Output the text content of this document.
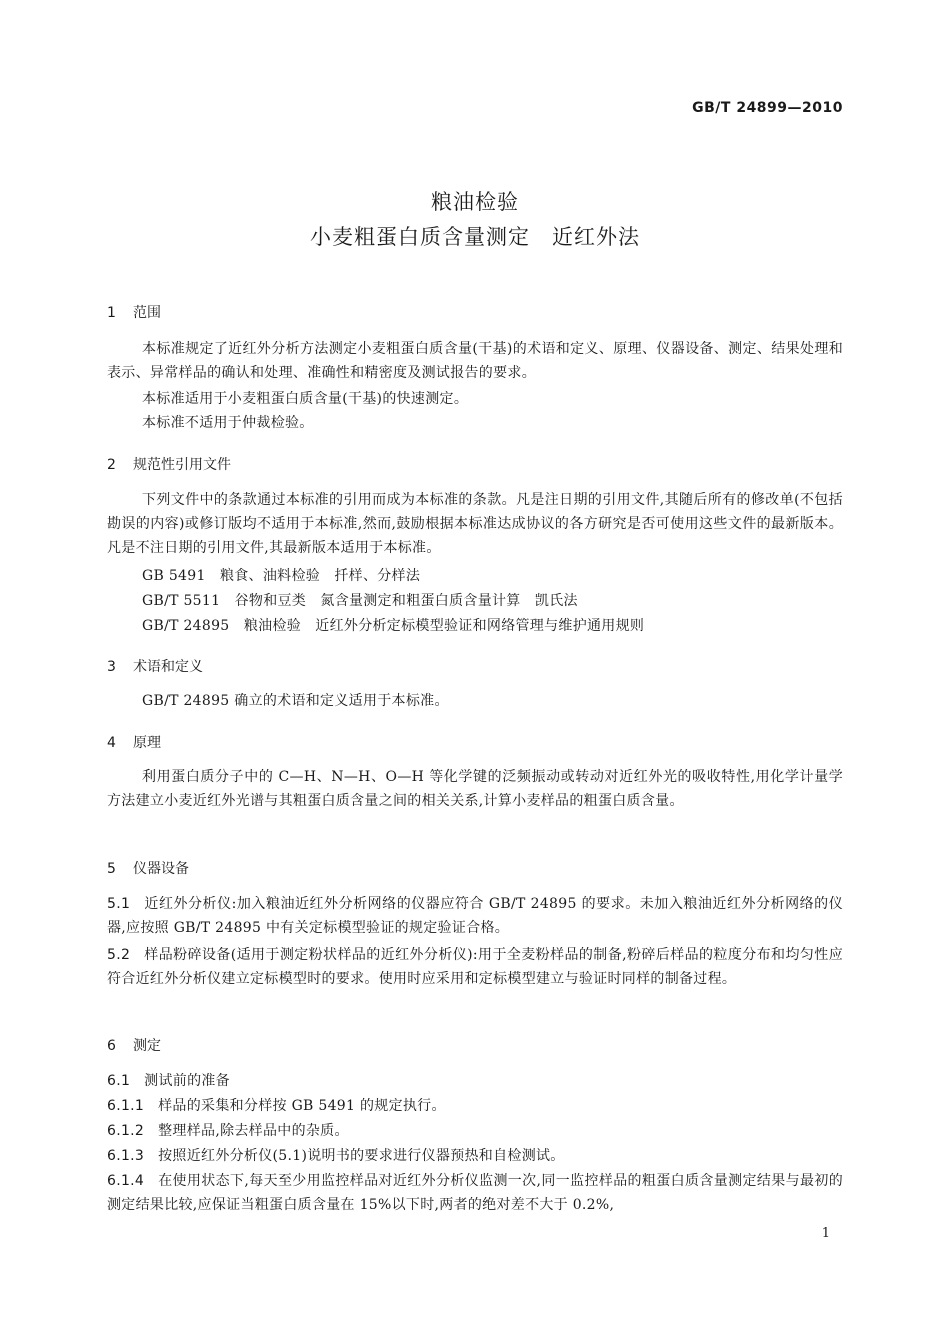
GB/T 24899—2010
粮油检验
小麦粗蛋白质含量测定　近红外法
1 范围
本标准规定了近红外分析方法测定小麦粗蛋白质含量(干基)的术语和定义、原理、仪器设备、测定、结果处理和表示、异常样品的确认和处理、准确性和精密度及测试报告的要求。
本标准适用于小麦粗蛋白质含量(干基)的快速测定。
本标准不适用于仲裁检验。
2 规范性引用文件
下列文件中的条款通过本标准的引用而成为本标准的条款。凡是注日期的引用文件,其随后所有的修改单(不包括勘误的内容)或修订版均不适用于本标准,然而,鼓励根据本标准达成协议的各方研究是否可使用这些文件的最新版本。凡是不注日期的引用文件,其最新版本适用于本标准。
GB 5491　粮食、油料检验　扦样、分样法
GB/T 5511　谷物和豆类　氮含量测定和粗蛋白质含量计算　凯氏法
GB/T 24895　粮油检验　近红外分析定标模型验证和网络管理与维护通用规则
3 术语和定义
GB/T 24895 确立的术语和定义适用于本标准。
4 原理
利用蛋白质分子中的 C—H、N—H、O—H 等化学键的泛频振动或转动对近红外光的吸收特性,用化学计量学方法建立小麦近红外光谱与其粗蛋白质含量之间的相关关系,计算小麦样品的粗蛋白质含量。
5 仪器设备
5.1 近红外分析仪:加入粮油近红外分析网络的仪器应符合 GB/T 24895 的要求。未加入粮油近红外分析网络的仪器,应按照 GB/T 24895 中有关定标模型验证的规定验证合格。
5.2 样品粉碎设备(适用于测定粉状样品的近红外分析仪):用于全麦粉样品的制备,粉碎后样品的粒度分布和均匀性应符合近红外分析仪建立定标模型时的要求。使用时应采用和定标模型建立与验证时同样的制备过程。
6 测定
6.1 测试前的准备
6.1.1 样品的采集和分样按 GB 5491 的规定执行。
6.1.2 整理样品,除去样品中的杂质。
6.1.3 按照近红外分析仪(5.1)说明书的要求进行仪器预热和自检测试。
6.1.4 在使用状态下,每天至少用监控样品对近红外分析仪监测一次,同一监控样品的粗蛋白质含量测定结果与最初的测定结果比较,应保证当粗蛋白质含量在 15%以下时,两者的绝对差不大于 0.2%,
1
